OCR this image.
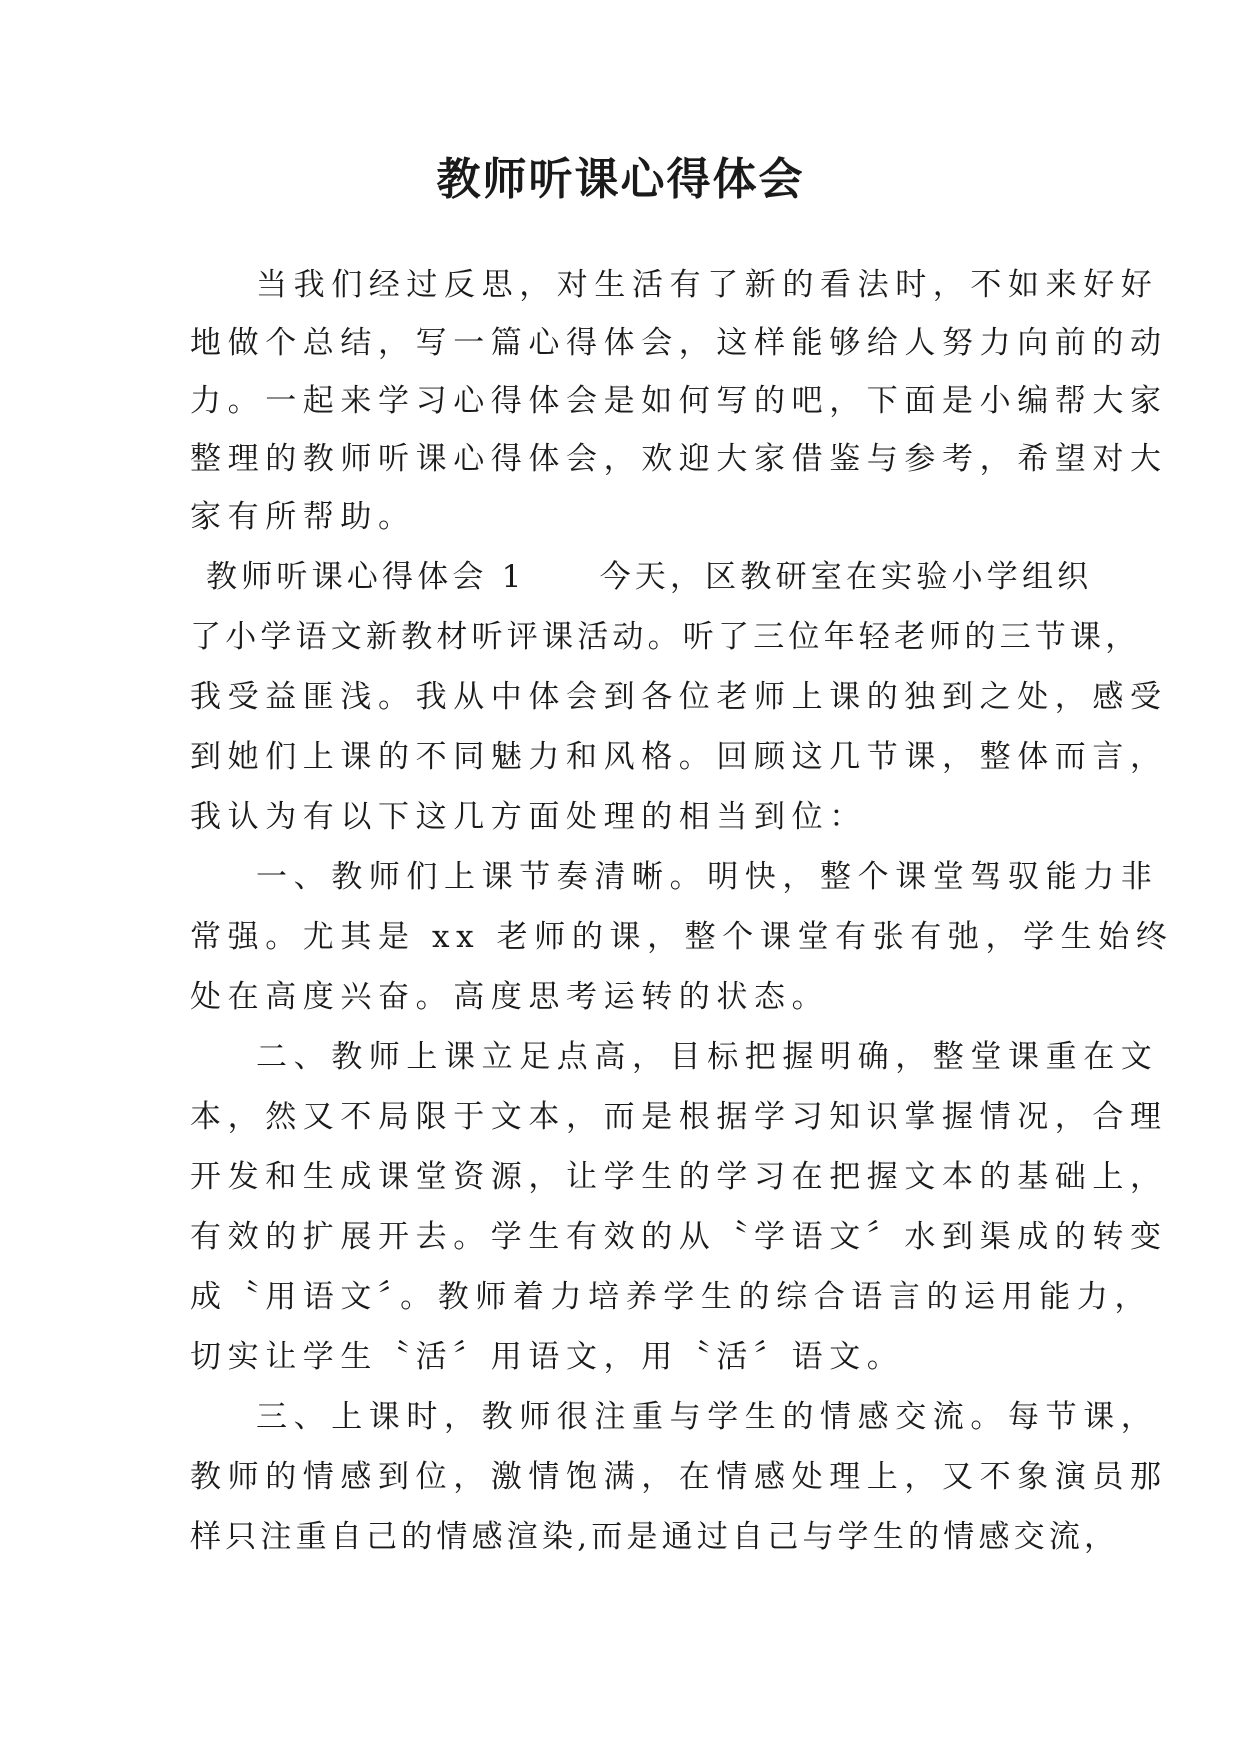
教师听课心得体会
当我们经过反思，对生活有了新的看法时，不如来好好
地做个总结，写一篇心得体会，这样能够给人努力向前的动
力。一起来学习心得体会是如何写的吧，下面是小编帮大家
整理的教师听课心得体会，欢迎大家借鉴与参考，希望对大
家有所帮助。
教师听课心得体会 1 今天，区教研室在实验小学组织
了小学语文新教材听评课活动。听了三位年轻老师的三节课，
我受益匪浅。我从中体会到各位老师上课的独到之处，感受
到她们上课的不同魅力和风格。回顾这几节课，整体而言，
我认为有以下这几方面处理的相当到位：
一、教师们上课节奏清晰。明快，整个课堂驾驭能力非
常强。尤其是 xx 老师的课，整个课堂有张有弛，学生始终
处在高度兴奋。高度思考运转的状态。
二、教师上课立足点高，目标把握明确，整堂课重在文
本，然又不局限于文本，而是根据学习知识掌握情况，合理
开发和生成课堂资源，让学生的学习在把握文本的基础上，
有效的扩展开去。学生有效的从〝学语文〞水到渠成的转变
成〝用语文〞。教师着力培养学生的综合语言的运用能力，
切实让学生〝活〞用语文，用〝活〞语文。
三、上课时，教师很注重与学生的情感交流。每节课，
教师的情感到位，激情饱满，在情感处理上，又不象演员那
样只注重自己的情感渲染,而是通过自己与学生的情感交流，
